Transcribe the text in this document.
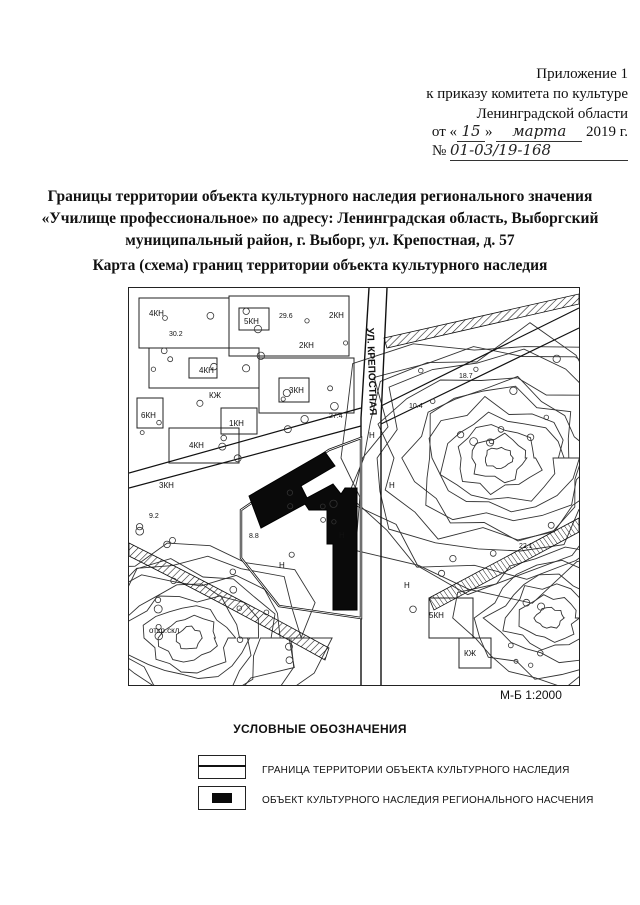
Приложение 1
к приказу комитета по культуре
Ленинградской области
от « 15 » марта 2019 г.
№ 01-03/19-168
Границы территории объекта культурного наследия регионального значения
«Училище профессиональное» по адресу: Ленинградская область, Выборгский
муниципальный район, г. Выборг, ул. Крепостная, д. 57
Карта (схема) границ территории объекта культурного наследия
4КН
5КН
3КН
4КН
6КН
1КН
2КН
4КН
3КН
2КН
5КН
КЖ
КЖ
Н
Н
Н
Н
Н
откр.скл
30.2
29.6
27.4
9.2
8.8
10.4
18.7
22.1
УЛ. КРЕПОСТНАЯ
М-Б 1:2000
УСЛОВНЫЕ ОБОЗНАЧЕНИЯ
ГРАНИЦА ТЕРРИТОРИИ ОБЪЕКТА КУЛЬТУРНОГО НАСЛЕДИЯ
ОБЪЕКТ КУЛЬТУРНОГО НАСЛЕДИЯ РЕГИОНАЛЬНОГО НАСЧЕНИЯ
